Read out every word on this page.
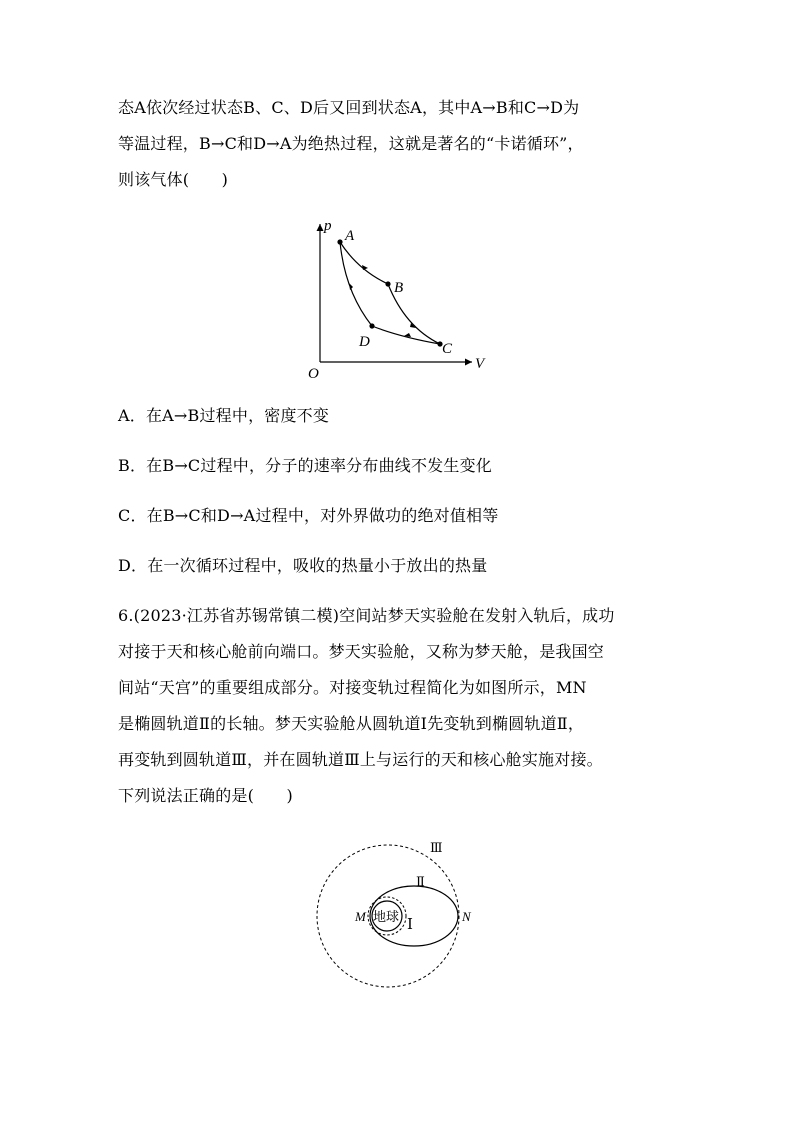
态A依次经过状态B、C、D后又回到状态A，其中A→B和C→D为
等温过程，B→C和D→A为绝热过程，这就是著名的“卡诺循环”，
则该气体(　　)
p
V
O
A
B
C
D
A．在A→B过程中，密度不变
B．在B→C过程中，分子的速率分布曲线不发生变化
C．在B→C和D→A过程中，对外界做功的绝对值相等
D．在一次循环过程中，吸收的热量小于放出的热量
6.(2023·江苏省苏锡常镇二模)空间站梦天实验舱在发射入轨后，成功
对接于天和核心舱前向端口。梦天实验舱，又称为梦天舱，是我国空
间站“天宫”的重要组成部分。对接变轨过程简化为如图所示，MN
是椭圆轨道Ⅱ的长轴。梦天实验舱从圆轨道Ⅰ先变轨到椭圆轨道Ⅱ，
再变轨到圆轨道Ⅲ，并在圆轨道Ⅲ上与运行的天和核心舱实施对接。
下列说法正确的是(　　)
Ⅲ
Ⅱ
Ⅰ
地球
M	N
